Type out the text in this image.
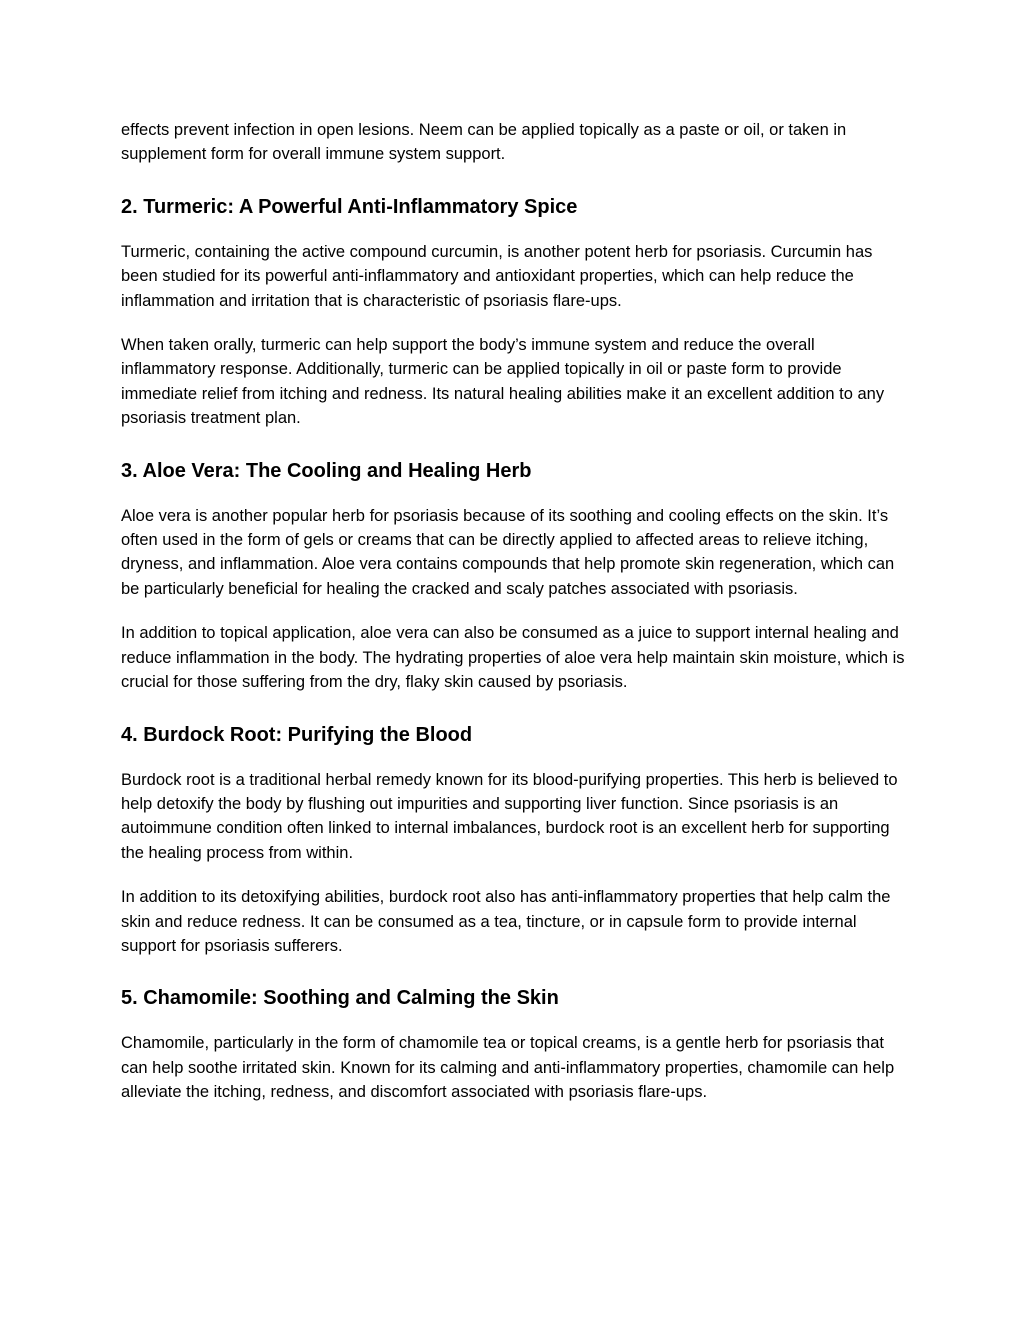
effects prevent infection in open lesions. Neem can be applied topically as a paste or oil, or taken in supplement form for overall immune system support.

2. Turmeric: A Powerful Anti-Inflammatory Spice

Turmeric, containing the active compound curcumin, is another potent herb for psoriasis. Curcumin has been studied for its powerful anti-inflammatory and antioxidant properties, which can help reduce the inflammation and irritation that is characteristic of psoriasis flare-ups.

When taken orally, turmeric can help support the body’s immune system and reduce the overall inflammatory response. Additionally, turmeric can be applied topically in oil or paste form to provide immediate relief from itching and redness. Its natural healing abilities make it an excellent addition to any psoriasis treatment plan.

3. Aloe Vera: The Cooling and Healing Herb

Aloe vera is another popular herb for psoriasis because of its soothing and cooling effects on the skin. It’s often used in the form of gels or creams that can be directly applied to affected areas to relieve itching, dryness, and inflammation. Aloe vera contains compounds that help promote skin regeneration, which can be particularly beneficial for healing the cracked and scaly patches associated with psoriasis.

In addition to topical application, aloe vera can also be consumed as a juice to support internal healing and reduce inflammation in the body. The hydrating properties of aloe vera help maintain skin moisture, which is crucial for those suffering from the dry, flaky skin caused by psoriasis.

4. Burdock Root: Purifying the Blood

Burdock root is a traditional herbal remedy known for its blood-purifying properties. This herb is believed to help detoxify the body by flushing out impurities and supporting liver function. Since psoriasis is an autoimmune condition often linked to internal imbalances, burdock root is an excellent herb for supporting the healing process from within.

In addition to its detoxifying abilities, burdock root also has anti-inflammatory properties that help calm the skin and reduce redness. It can be consumed as a tea, tincture, or in capsule form to provide internal support for psoriasis sufferers.

5. Chamomile: Soothing and Calming the Skin

Chamomile, particularly in the form of chamomile tea or topical creams, is a gentle herb for psoriasis that can help soothe irritated skin. Known for its calming and anti-inflammatory properties, chamomile can help alleviate the itching, redness, and discomfort associated with psoriasis flare-ups.
